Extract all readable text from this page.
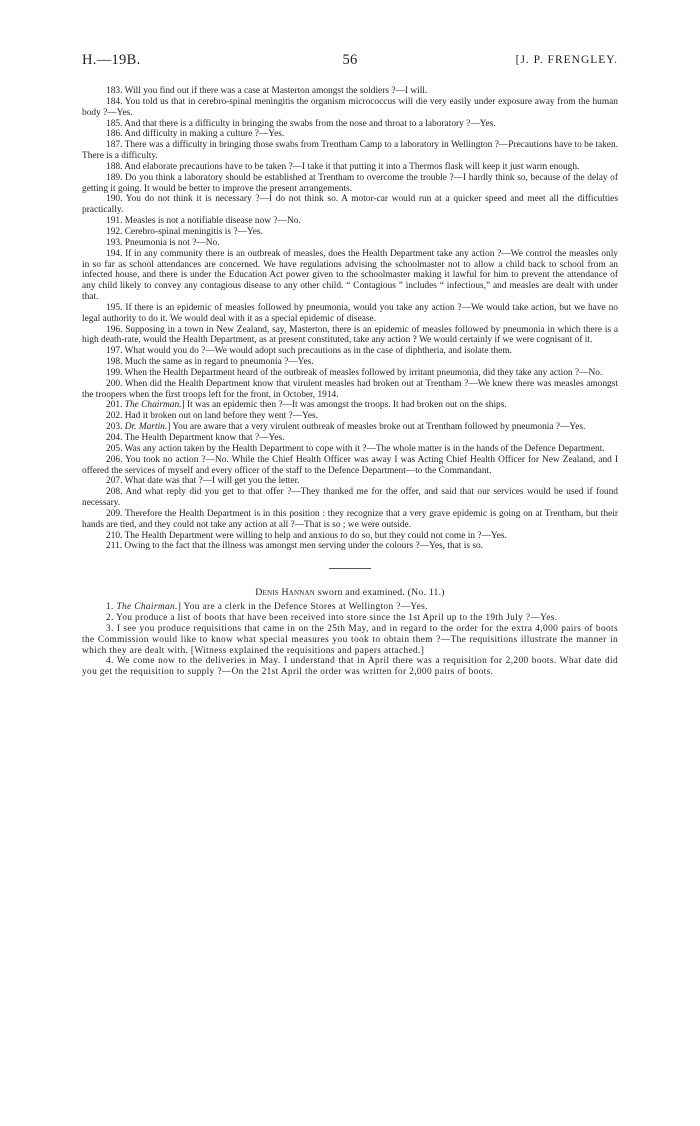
H.—19B.	56	[J. P. FRENGLEY.

183. Will you find out if there was a case at Masterton amongst the soldiers ?—I will.

184. You told us that in cerebro-spinal meningitis the organism micrococcus will die very easily under exposure away from the human body ?—Yes.

185. And that there is a difficulty in bringing the swabs from the nose and throat to a laboratory ?—Yes.

186. And difficulty in making a culture ?—Yes.

187. There was a difficulty in bringing those swabs from Trentham Camp to a laboratory in Wellington ?—Precautions have to be taken. There is a difficulty.

188. And elaborate precautions have to be taken ?—I take it that putting it into a Thermos flask will keep it just warm enough.

189. Do you think a laboratory should be established at Trentham to overcome the trouble ?—I hardly think so, because of the delay of getting it going. It would be better to improve the present arrangements.

190. You do not think it is necessary ?—I do not think so. A motor-car would run at a quicker speed and meet all the difficulties practically.

191. Measles is not a notifiable disease now ?—No.

192. Cerebro-spinal meningitis is ?—Yes.

193. Pneumonia is not ?—No.

194. If in any community there is an outbreak of measles, does the Health Department take any action ?—We control the measles only in so far as school attendances are concerned. We have regulations advising the schoolmaster not to allow a child back to school from an infected house, and there is under the Education Act power given to the schoolmaster making it lawful for him to prevent the attendance of any child likely to convey any contagious disease to any other child. “ Contagious ” includes “ infectious,” and measles are dealt with under that.

195. If there is an epidemic of measles followed by pneumonia, would you take any action ?—We would take action, but we have no legal authority to do it. We would deal with it as a special epidemic of disease.

196. Supposing in a town in New Zealand, say, Masterton, there is an epidemic of measles followed by pneumonia in which there is a high death-rate, would the Health Department, as at present constituted, take any action ? We would certainly if we were cognisant of it.

197. What would you do ?—We would adopt such precautions as in the case of diphtheria, and isolate them.

198. Much the same as in regard to pneumonia ?—Yes.

199. When the Health Department heard of the outbreak of measles followed by irritant pneumonia, did they take any action ?—No.

200. When did the Health Department know that virulent measles had broken out at Trentham ?—We knew there was measles amongst the troopers when the first troops left for the front, in October, 1914.

201. The Chairman.] It was an epidemic then ?—It was amongst the troops. It had broken out on the ships.

202. Had it broken out on land before they went ?—Yes.

203. Dr. Martin.] You are aware that a very virulent outbreak of measles broke out at Trentham followed by pneumonia ?—Yes.

204. The Health Department know that ?—Yes.

205. Was any action taken by the Health Department to cope with it ?—The whole matter is in the hands of the Defence Department.

206. You took no action ?—No. While the Chief Health Officer was away I was Acting Chief Health Officer for New Zealand, and I offered the services of myself and every officer of the staff to the Defence Department—to the Commandant.

207. What date was that ?—I will get you the letter.

208. And what reply did you get to that offer ?—They thanked me for the offer, and said that our services would be used if found necessary.

209. Therefore the Health Department is in this position : they recognize that a very grave epidemic is going on at Trentham, but their hands are tied, and they could not take any action at all ?—That is so ; we were outside.

210. The Health Department were willing to help and anxious to do so, but they could not come in ?—Yes.

211. Owing to the fact that the illness was amongst men serving under the colours ?—Yes, that is so.

Denis Hannan sworn and examined. (No. 11.)

1. The Chairman.] You are a clerk in the Defence Stores at Wellington ?—Yes.

2. You produce a list of boots that have been received into store since the 1st April up to the 19th July ?—Yes.

3. I see you produce requisitions that came in on the 25th May, and in regard to the order for the extra 4,000 pairs of boots the Commission would like to know what special measures you took to obtain them ?—The requisitions illustrate the manner in which they are dealt with. [Witness explained the requisitions and papers attached.]

4. We come now to the deliveries in May. I understand that in April there was a requisition for 2,200 boots. What date did you get the requisition to supply ?—On the 21st April the order was written for 2,000 pairs of boots.
